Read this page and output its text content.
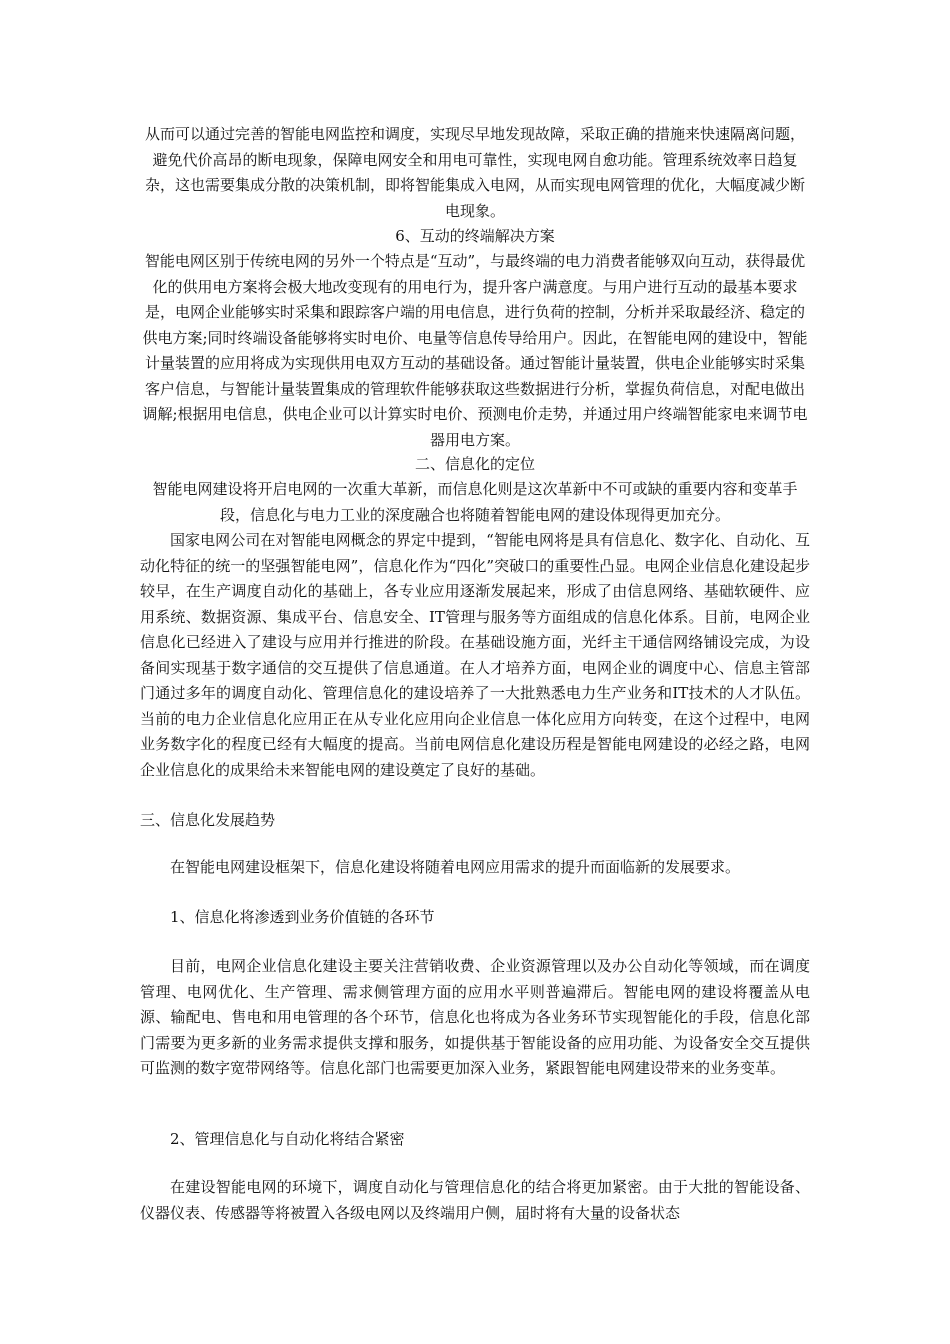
从而可以通过完善的智能电网监控和调度，实现尽早地发现故障，采取正确的措施来快速隔离问题，避免代价高昂的断电现象，保障电网安全和用电可靠性，实现电网自愈功能。管理系统效率日趋复杂，这也需要集成分散的决策机制，即将智能集成入电网，从而实现电网管理的优化，大幅度减少断电现象。
6、互动的终端解决方案
智能电网区别于传统电网的另外一个特点是“互动”，与最终端的电力消费者能够双向互动，获得最优化的供用电方案将会极大地改变现有的用电行为，提升客户满意度。与用户进行互动的最基本要求是，电网企业能够实时采集和跟踪客户端的用电信息，进行负荷的控制，分析并采取最经济、稳定的供电方案;同时终端设备能够将实时电价、电量等信息传导给用户。因此，在智能电网的建设中，智能计量装置的应用将成为实现供用电双方互动的基础设备。通过智能计量装置，供电企业能够实时采集客户信息，与智能计量装置集成的管理软件能够获取这些数据进行分析，掌握负荷信息，对配电做出调解;根据用电信息，供电企业可以计算实时电价、预测电价走势，并通过用户终端智能家电来调节电器用电方案。
二、信息化的定位
智能电网建设将开启电网的一次重大革新，而信息化则是这次革新中不可或缺的重要内容和变革手段，信息化与电力工业的深度融合也将随着智能电网的建设体现得更加充分。
国家电网公司在对智能电网概念的界定中提到，“智能电网将是具有信息化、数字化、自动化、互动化特征的统一的坚强智能电网”，信息化作为“四化”突破口的重要性凸显。电网企业信息化建设起步较早，在生产调度自动化的基础上，各专业应用逐渐发展起来，形成了由信息网络、基础软硬件、应用系统、数据资源、集成平台、信息安全、IT管理与服务等方面组成的信息化体系。目前，电网企业信息化已经进入了建设与应用并行推进的阶段。在基础设施方面，光纤主干通信网络铺设完成，为设备间实现基于数字通信的交互提供了信息通道。在人才培养方面，电网企业的调度中心、信息主管部门通过多年的调度自动化、管理信息化的建设培养了一大批熟悉电力生产业务和IT技术的人才队伍。当前的电力企业信息化应用正在从专业化应用向企业信息一体化应用方向转变，在这个过程中，电网业务数字化的程度已经有大幅度的提高。当前电网信息化建设历程是智能电网建设的必经之路，电网企业信息化的成果给未来智能电网的建设奠定了良好的基础。
三、信息化发展趋势
在智能电网建设框架下，信息化建设将随着电网应用需求的提升而面临新的发展要求。
1、信息化将渗透到业务价值链的各环节
目前，电网企业信息化建设主要关注营销收费、企业资源管理以及办公自动化等领域，而在调度管理、电网优化、生产管理、需求侧管理方面的应用水平则普遍滞后。智能电网的建设将覆盖从电源、输配电、售电和用电管理的各个环节，信息化也将成为各业务环节实现智能化的手段，信息化部门需要为更多新的业务需求提供支撑和服务，如提供基于智能设备的应用功能、为设备安全交互提供可监测的数字宽带网络等。信息化部门也需要更加深入业务，紧跟智能电网建设带来的业务变革。
2、管理信息化与自动化将结合紧密
在建设智能电网的环境下，调度自动化与管理信息化的结合将更加紧密。由于大批的智能设备、仪器仪表、传感器等将被置入各级电网以及终端用户侧，届时将有大量的设备状态
